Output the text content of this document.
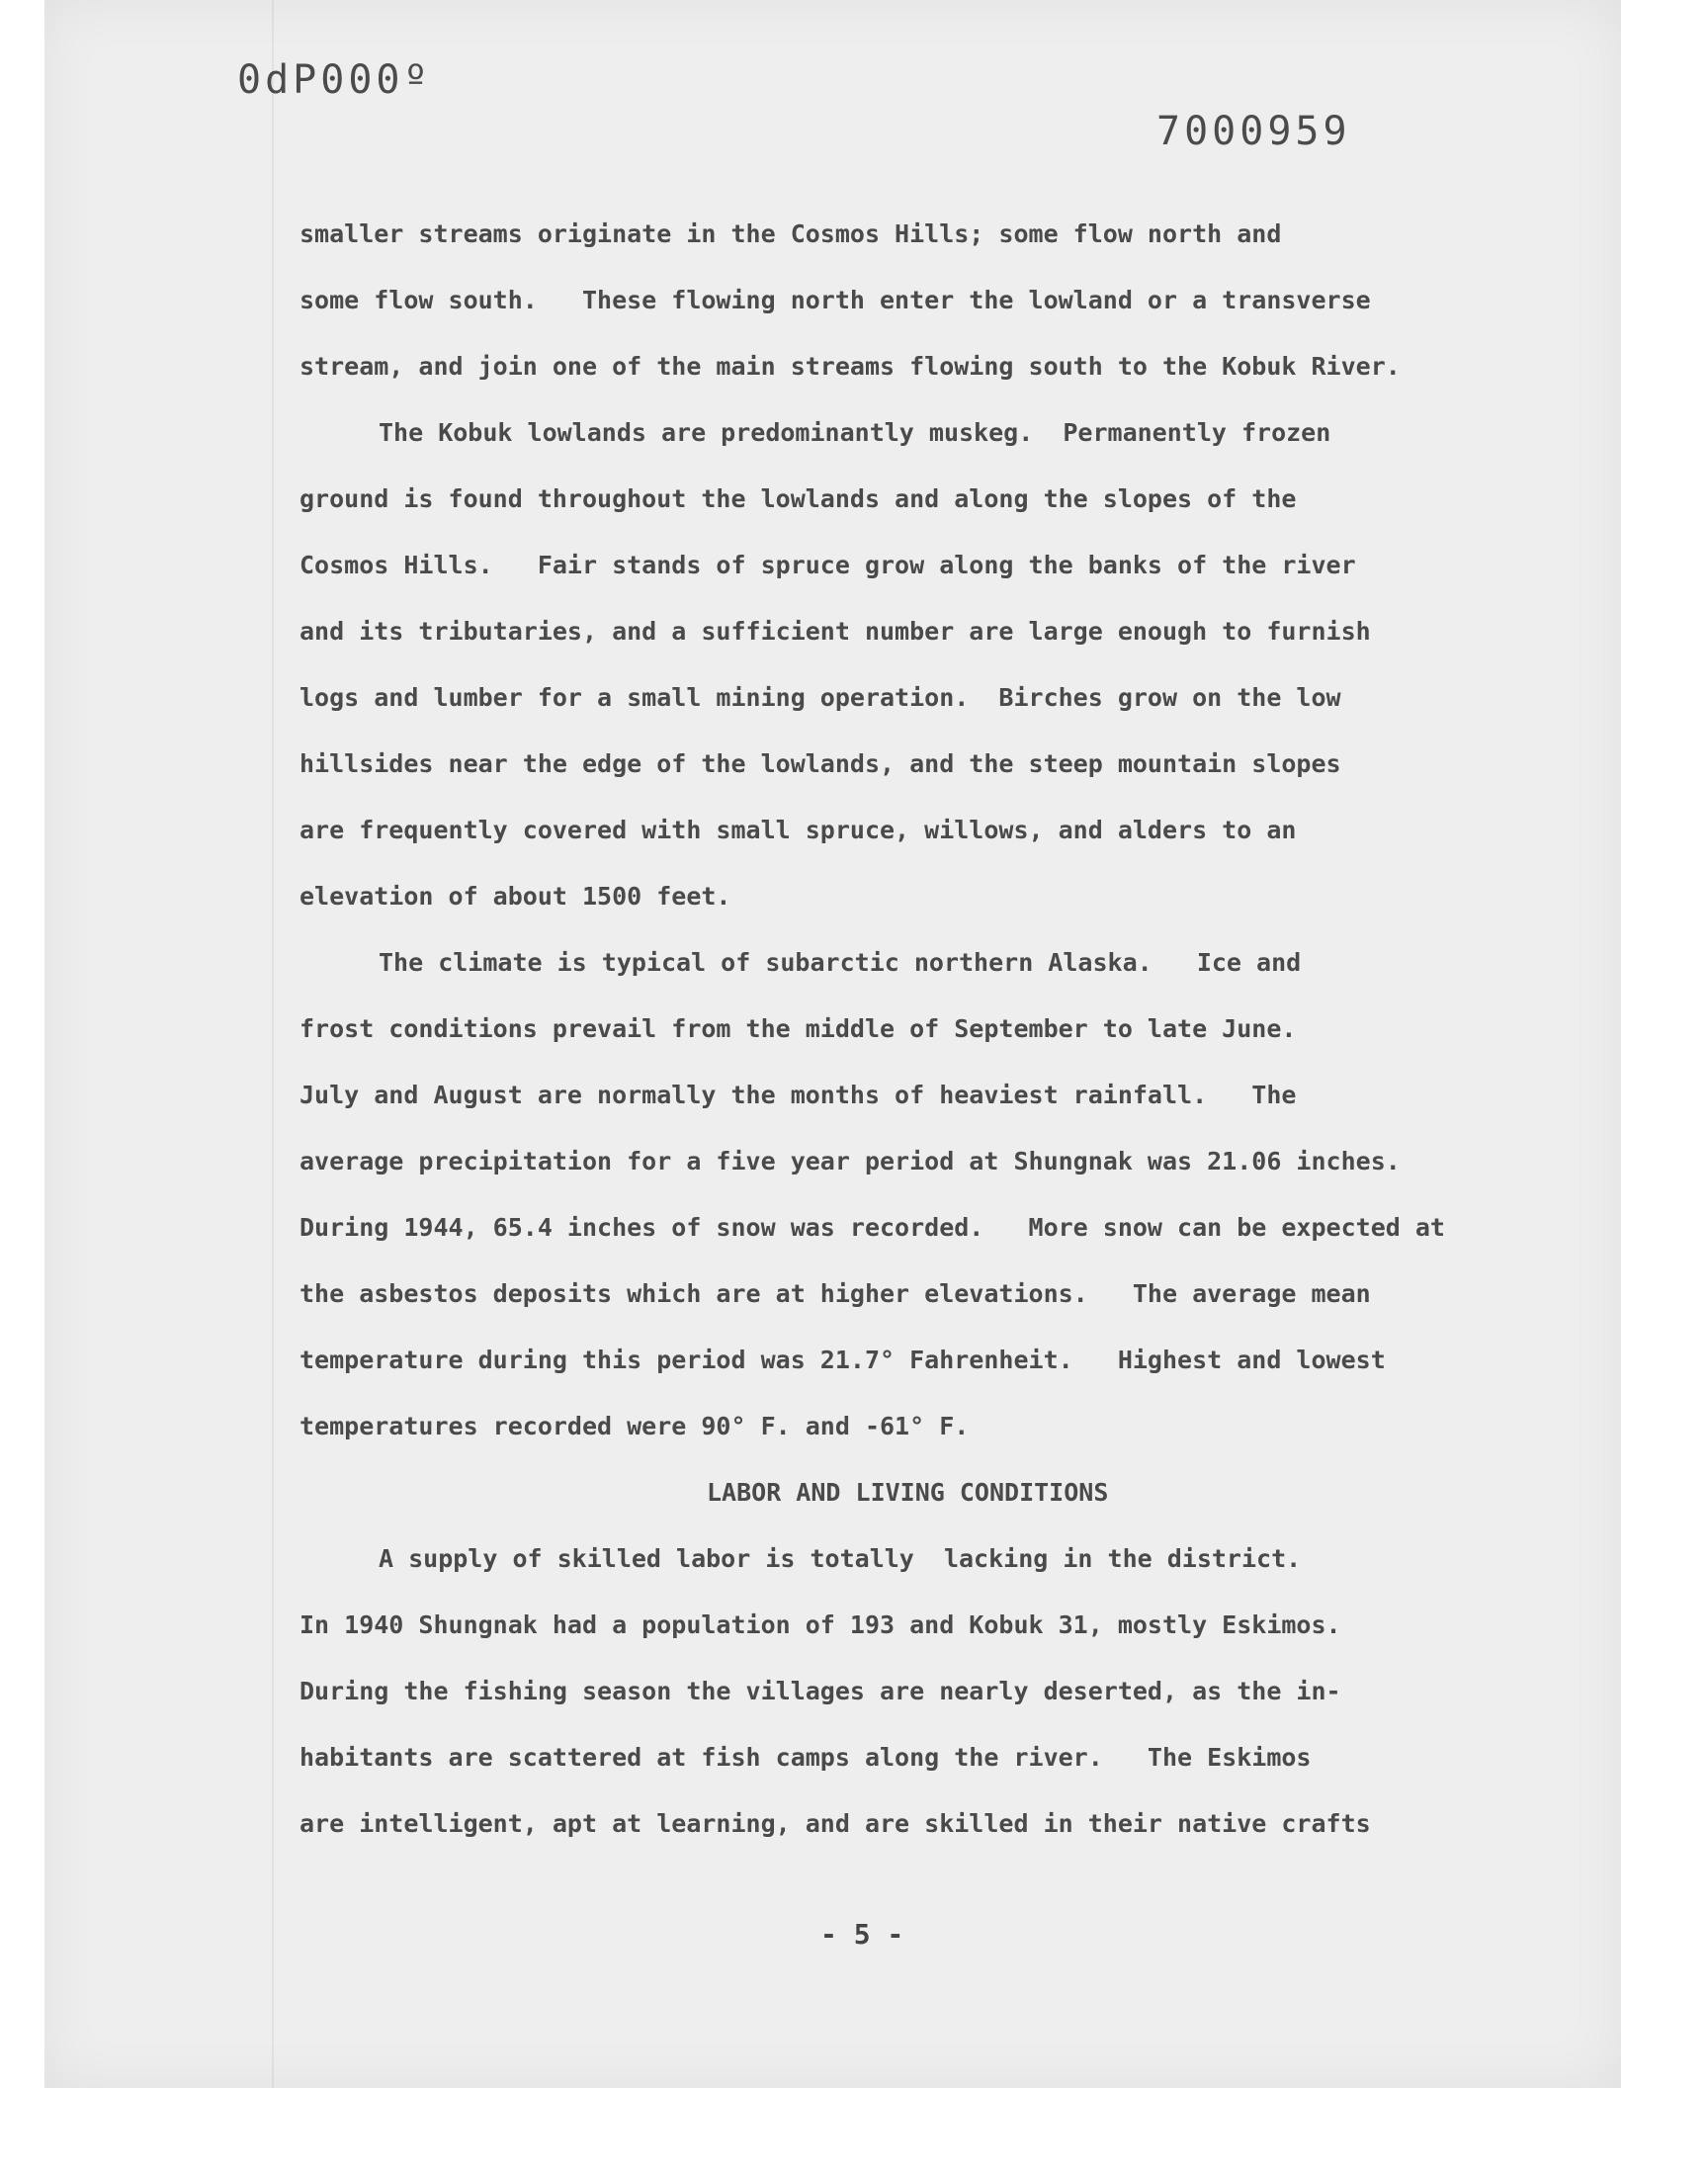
0dP000º
7000959
smaller streams originate in the Cosmos Hills; some flow north and
some flow south.   These flowing north enter the lowland or a transverse
stream, and join one of the main streams flowing south to the Kobuk River.
The Kobuk lowlands are predominantly muskeg.  Permanently frozen
ground is found throughout the lowlands and along the slopes of the
Cosmos Hills.   Fair stands of spruce grow along the banks of the river
and its tributaries, and a sufficient number are large enough to furnish
logs and lumber for a small mining operation.  Birches grow on the low
hillsides near the edge of the lowlands, and the steep mountain slopes
are frequently covered with small spruce, willows, and alders to an
elevation of about 1500 feet.
The climate is typical of subarctic northern Alaska.   Ice and
frost conditions prevail from the middle of September to late June.
July and August are normally the months of heaviest rainfall.   The
average precipitation for a five year period at Shungnak was 21.06 inches.
During 1944, 65.4 inches of snow was recorded.   More snow can be expected at
the asbestos deposits which are at higher elevations.   The average mean
temperature during this period was 21.7° Fahrenheit.   Highest and lowest
temperatures recorded were 90° F. and -61° F.
LABOR AND LIVING CONDITIONS
A supply of skilled labor is totally  lacking in the district.
In 1940 Shungnak had a population of 193 and Kobuk 31, mostly Eskimos.
During the fishing season the villages are nearly deserted, as the in-
habitants are scattered at fish camps along the river.   The Eskimos
are intelligent, apt at learning, and are skilled in their native crafts
- 5 -
